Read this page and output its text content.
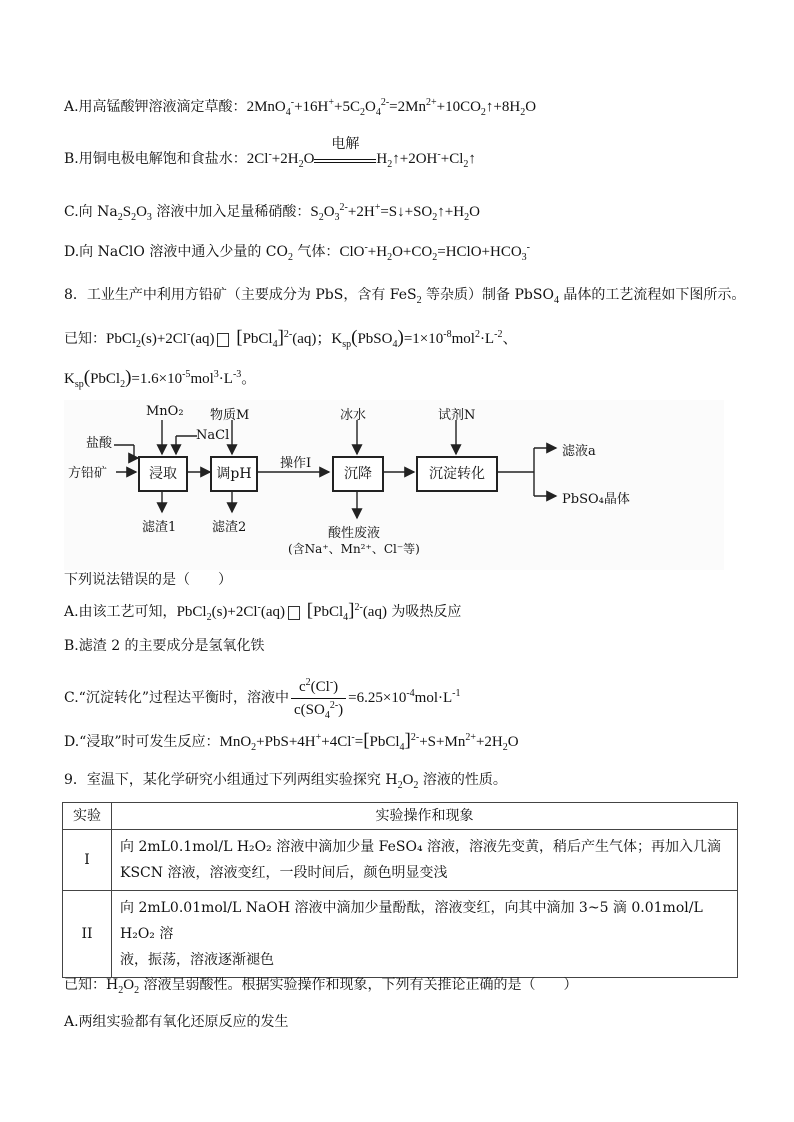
A.用高锰酸钾溶液滴定草酸：$2MnO_4^-+16H^++5C_2O_4^{2-}=2Mn^{2+}+10CO_2↑+8H_2O$
B.用铜电极电解饱和食盐水：$2Cl^-+2H_2O$
电解
$H_2↑+2OH^-+Cl_2↑$
C.向 $Na_2S_2O_3$ 溶液中加入足量稀硝酸：$S_2O_3^{2-}+2H^+=S↓+SO_2↑+H_2O$
D.向 NaClO 溶液中通入少量的 $CO_2$ 气体：$ClO^-+H_2O+CO_2=HClO+HCO_3^-$
8．工业生产中利用方铅矿（主要成分为 PbS，含有 FeS$_2$ 等杂质）制备 PbSO$_4$ 晶体的工艺流程如下图所示。
已知：PbCl$_2$(s)+2Cl-(aq) [PbCl$_4$]$^{2-}$(aq)；$K_{sp}(PbSO_4)=1\times 10^{-8}mol^2\cdot L^{-2}$、
$K_{sp}(PbCl_2)=1.6\times 10^{-5}mol^3\cdot L^{-3}$。
方铅矿
盐酸
MnO₂
NaCl
浸取
滤渣1
物质M
调pH
滤渣2
操作Ⅰ
冰水
沉降
酸性废液
(含Na⁺、Mn²⁺、Cl⁻等)
试剂N
沉淀转化
滤液a
PbSO₄晶体
下列说法错误的是（　　）
A.由该工艺可知，PbCl$_2$(s)+2Cl-(aq) [PbCl$_4$]$^{2-}$(aq) 为吸热反应
B.滤渣 2 的主要成分是氢氧化铁
C.“沉淀转化”过程达平衡时，溶液中 $\frac{c^2(Cl^-)}{c(SO_4^{2-})} =6.25\times 10^{-4}mol\cdot L^{-1}$
D.“浸取”时可发生反应：$MnO_2+PbS+4H^++4Cl^-=[PbCl_4]^{2-}+S+Mn^{2+}+2H_2O$
9．室温下，某化学研究小组通过下列两组实验探究 $H_2O_2$ 溶液的性质。
实验	实验操作和现象
I	向 2mL0.1mol/L H₂O₂ 溶液中滴加少量 FeSO₄ 溶液，溶液先变黄，稍后产生气体；再加入几滴
KSCN 溶液，溶液变红，一段时间后，颜色明显变浅

II	向 2mL0.01mol/L NaOH 溶液中滴加少量酚酞，溶液变红，向其中滴加 3~5 滴 0.01mol/L H₂O₂ 溶
液，振荡，溶液逐渐褪色
已知：$H_2O_2$ 溶液呈弱酸性。根据实验操作和现象，下列有关推论正确的是（　　）
A.两组实验都有氧化还原反应的发生
